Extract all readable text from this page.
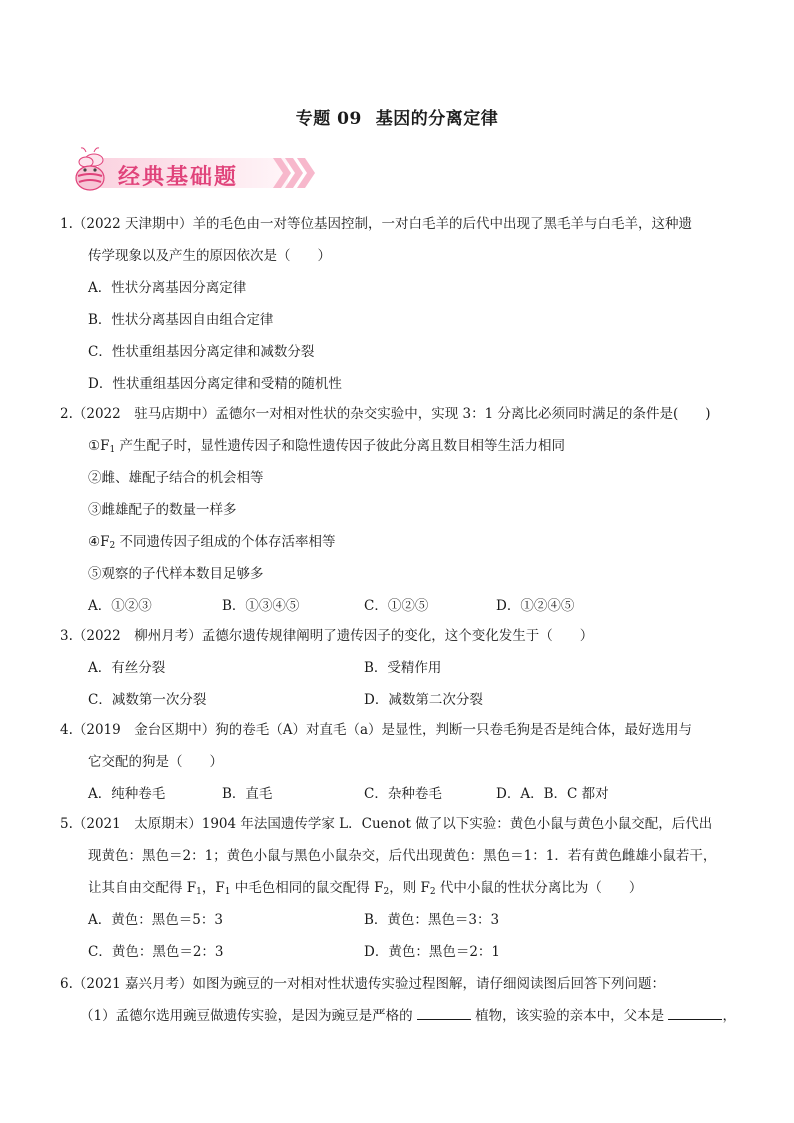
专题 09 基因的分离定律
经典基础题
1.（2022 天津期中）羊的毛色由一对等位基因控制，一对白毛羊的后代中出现了黑毛羊与白毛羊，这种遗
传学现象以及产生的原因依次是（　　）
A．性状分离基因分离定律
B．性状分离基因自由组合定律
C．性状重组基因分离定律和减数分裂
D．性状重组基因分离定律和受精的随机性
2.（2022　驻马店期中）孟德尔一对相对性状的杂交实验中，实现 3：1 分离比必须同时满足的条件是(　　)
$①F_1$ 产生配子时，显性遗传因子和隐性遗传因子彼此分离且数目相等生活力相同
②雌、雄配子结合的机会相等
③雌雄配子的数量一样多
$④F_2$ 不同遗传因子组成的个体存活率相等
⑤观察的子代样本数目足够多
A．①②③	B．①③④⑤	C．①②⑤	D．①②④⑤
3.（2022　柳州月考）孟德尔遗传规律阐明了遗传因子的变化，这个变化发生于（　　）
A．有丝分裂	B．受精作用
C．减数第一次分裂	D．减数第二次分裂
4.（2019　金台区期中）狗的卷毛（A）对直毛（a）是显性，判断一只卷毛狗是否是纯合体，最好选用与
它交配的狗是（　　）
A．纯种卷毛	B．直毛	C．杂种卷毛	D．A．B．C 都对
5.（2021　太原期末）1904 年法国遗传学家 L．Cuenot 做了以下实验：黄色小鼠与黄色小鼠交配，后代出
现黄色：黑色＝2：1；黄色小鼠与黑色小鼠杂交，后代出现黄色：黑色＝1：1．若有黄色雌雄小鼠若干，
让其自由交配得 $F_1$，$F_1$ 中毛色相同的鼠交配得 $F_2$，则 $F_2$ 代中小鼠的性状分离比为（　　）
A．黄色：黑色＝5：3	B．黄色：黑色＝3：3
C．黄色：黑色＝2：3	D．黄色：黑色＝2：1
6.（2021 嘉兴月考）如图为豌豆的一对相对性状遗传实验过程图解，请仔细阅读图后回答下列问题：
（1）孟德尔选用豌豆做遗传实验，是因为豌豆是严格的	植物，该实验的亲本中，父本是	，
